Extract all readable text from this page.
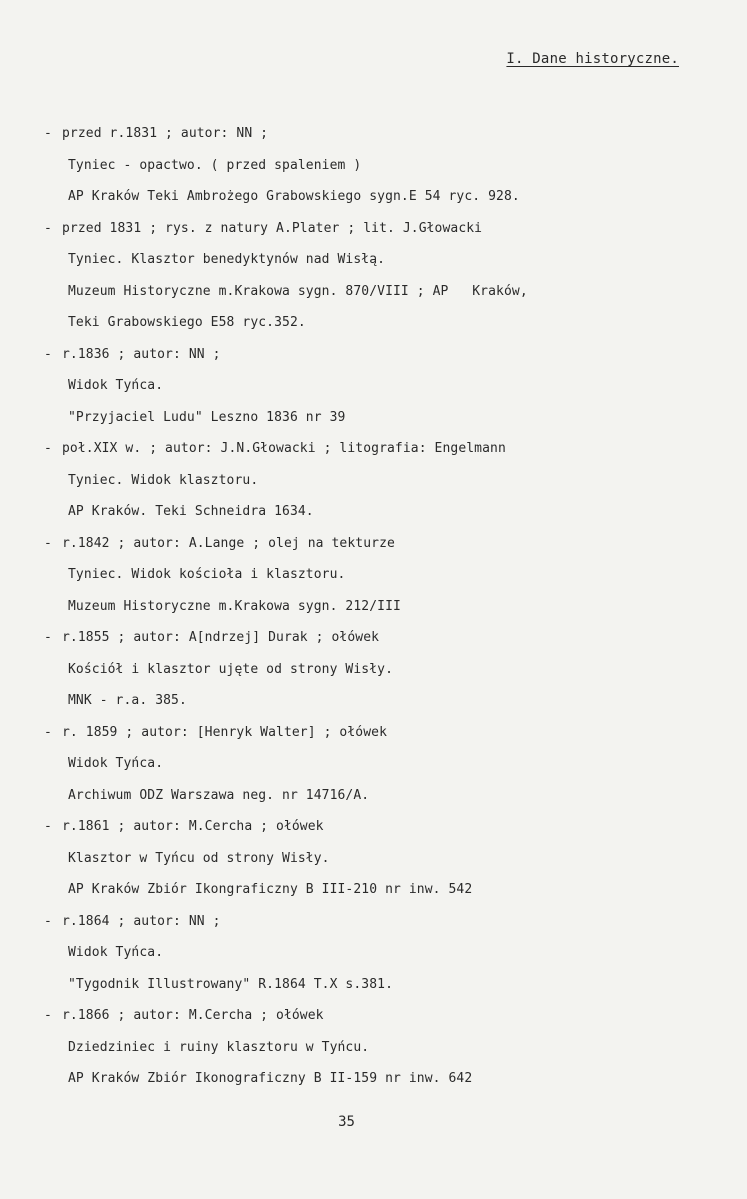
I. Dane historyczne.
- przed r.1831 ; autor: NN ;
Tyniec - opactwo. ( przed spaleniem )
AP Kraków Teki Ambrożego Grabowskiego sygn.E 54 ryc. 928.
- przed 1831 ; rys. z natury A.Plater ; lit. J.Głowacki
Tyniec. Klasztor benedyktynów nad Wisłą.
Muzeum Historyczne m.Krakowa sygn. 870/VIII ; AP   Kraków,
Teki Grabowskiego E58 ryc.352.
- r.1836 ; autor: NN ;
Widok Tyńca.
"Przyjaciel Ludu" Leszno 1836 nr 39
- poł.XIX w. ; autor: J.N.Głowacki ; litografia: Engelmann
Tyniec. Widok klasztoru.
AP Kraków. Teki Schneidra 1634.
- r.1842 ; autor: A.Lange ; olej na tekturze
Tyniec. Widok kościoła i klasztoru.
Muzeum Historyczne m.Krakowa sygn. 212/III
- r.1855 ; autor: A[ndrzej] Durak ; ołówek
Kościół i klasztor ujęte od strony Wisły.
MNK - r.a. 385.
- r. 1859 ; autor: [Henryk Walter] ; ołówek
Widok Tyńca.
Archiwum ODZ Warszawa neg. nr 14716/A.
- r.1861 ; autor: M.Cercha ; ołówek
Klasztor w Tyńcu od strony Wisły.
AP Kraków Zbiór Ikongraficzny B III-210 nr inw. 542
- r.1864 ; autor: NN ;
Widok Tyńca.
"Tygodnik Illustrowany" R.1864 T.X s.381.
- r.1866 ; autor: M.Cercha ; ołówek
Dziedziniec i ruiny klasztoru w Tyńcu.
AP Kraków Zbiór Ikonograficzny B II-159 nr inw. 642
35
